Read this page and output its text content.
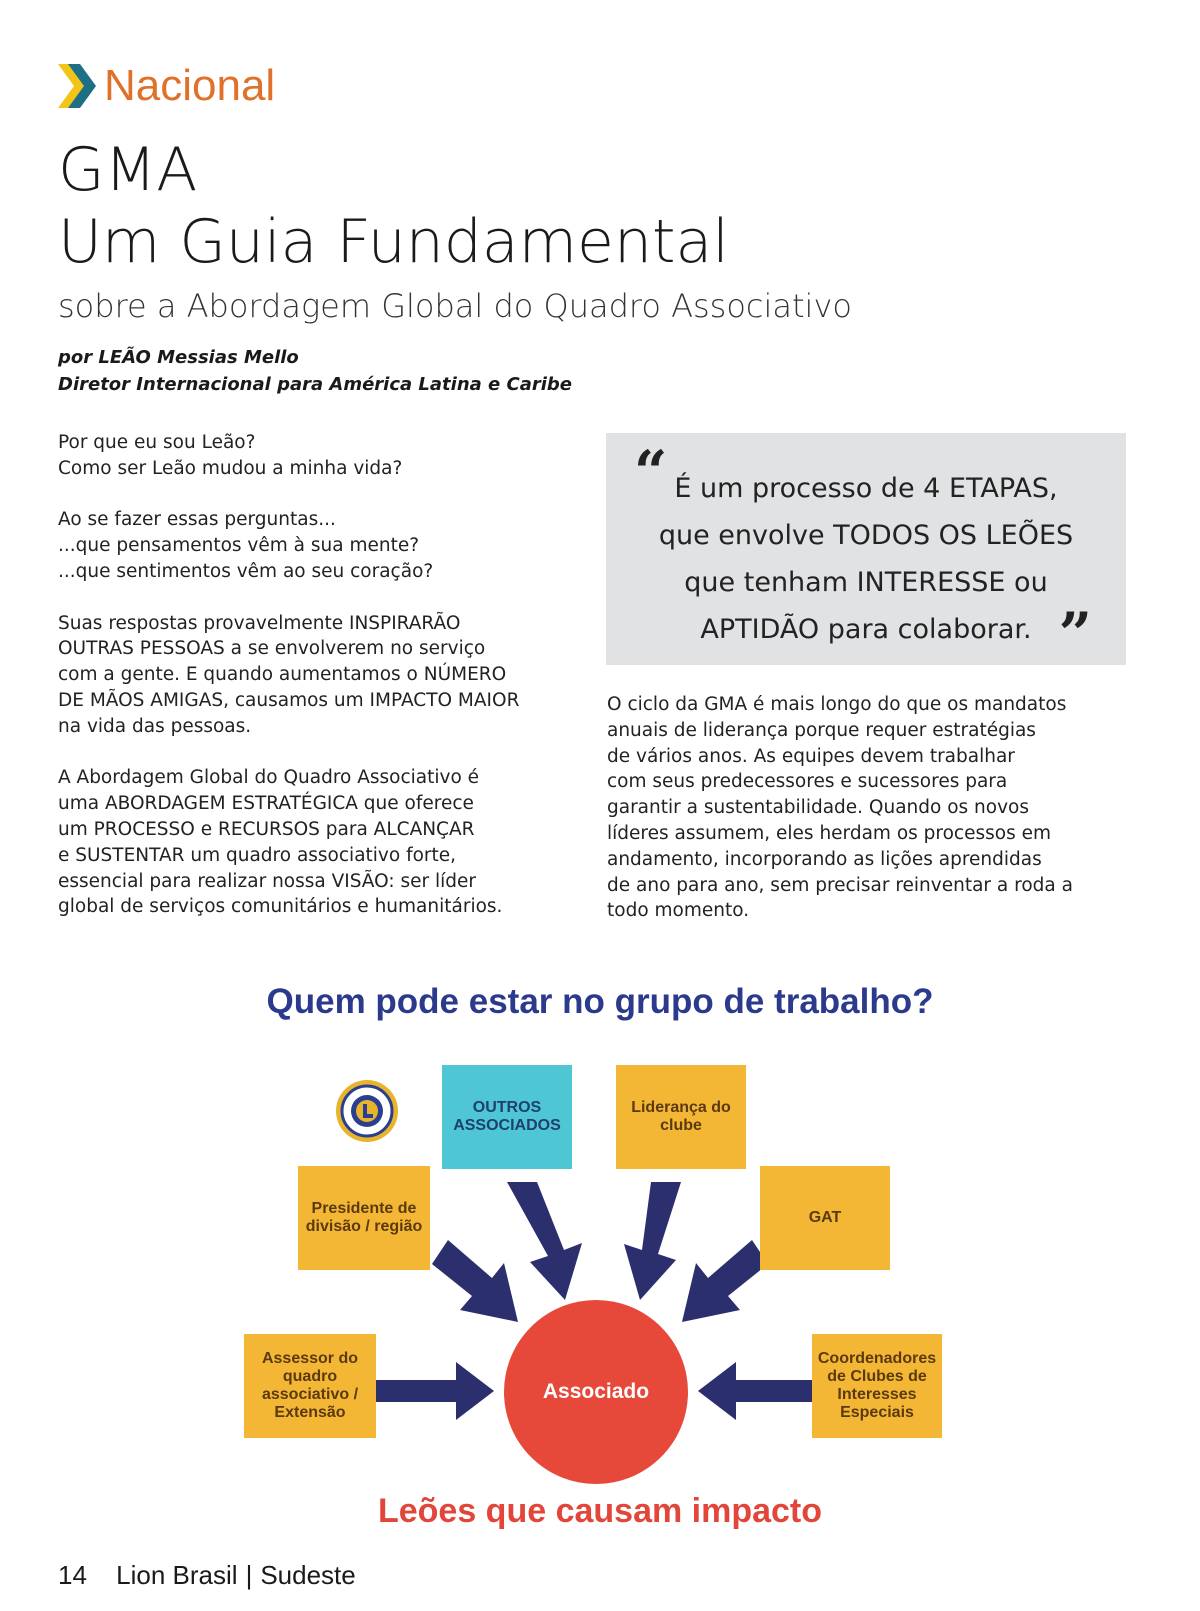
Nacional
GMA
Um Guia Fundamental
sobre a Abordagem Global do Quadro Associativo
por LEÃO Messias Mello
Diretor Internacional para América Latina e Caribe

Por que eu sou Leão?
Como ser Leão mudou a minha vida?

Ao se fazer essas perguntas...
...que pensamentos vêm à sua mente?
...que sentimentos vêm ao seu coração?

Suas respostas provavelmente INSPIRARÃO
OUTRAS PESSOAS a se envolverem no serviço
com a gente. E quando aumentamos o NÚMERO
DE MÃOS AMIGAS, causamos um IMPACTO MAIOR
na vida das pessoas.

A Abordagem Global do Quadro Associativo é
uma ABORDAGEM ESTRATÉGICA que oferece
um PROCESSO e RECURSOS para ALCANÇAR
e SUSTENTAR um quadro associativo forte,
essencial para realizar nossa VISÃO: ser líder
global de serviços comunitários e humanitários.

“ É um processo de 4 ETAPAS,
que envolve TODOS OS LEÕES
que tenham INTERESSE ou
APTIDÃO para colaborar. ”
O ciclo da GMA é mais longo do que os mandatos
anuais de liderança porque requer estratégias
de vários anos. As equipes devem trabalhar
com seus predecessores e sucessores para
garantir a sustentabilidade. Quando os novos
líderes assumem, eles herdam os processos em
andamento, incorporando as lições aprendidas
de ano para ano, sem precisar reinventar a roda a
todo momento.
Quem pode estar no grupo de trabalho?
OUTROS
ASSOCIADOS
Liderança do
clube
Presidente de
divisão / região
GAT
Assessor do
quadro
associativo /
Extensão
Coordenadores
de Clubes de
Interesses
Especiais
Associado
Leões que causam impacto
14 Lion Brasil | Sudeste
